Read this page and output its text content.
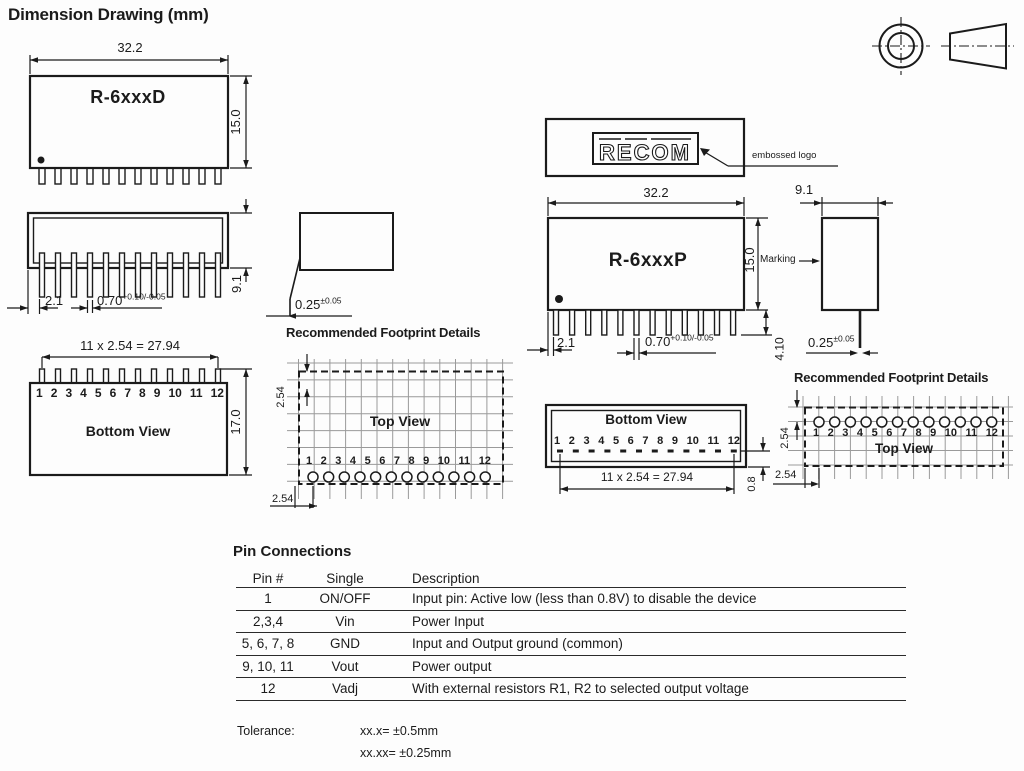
RECOM
Dimension Drawing (mm)
32.2
R-6xxxD
15.0
9.1
2.1	$0.70^{+0.10/-0.05}$
$0.25^{\pm 0.05}$
11 x 2.54 = 27.94
1 2 3 4 5 6 7 8 9 10 11 12
Bottom View	17.0
Recommended Footprint Details
2.54
Top View
1 2 3 4 5 6 7 8 9 10 11 12
2.54
embossed logo
32.2
R-6xxxP	15.0
2.1	$0.70^{+0.10/-0.05}$	4.10
9.1
Marking
$0.25^{\pm 0.05}$
Bottom View
1 2 3 4 5 6 7 8 9 10 11 12
11 x 2.54 = 27.94	0.8
Recommended Footprint Details
2.54 1 2 3 4 5 6 7 8 9 10 11 12
Top View
2.54
Pin Connections
Pin #	Single	Description
1	ON/OFF	Input pin: Active low (less than 0.8V) to disable the device
2,3,4	Vin	Power Input
5, 6, 7, 8	GND	Input and Output ground (common)
9, 10, 11	Vout	Power output
12	Vadj	With external resistors R1, R2 to selected output voltage
Tolerance:	xx.x= ±0.5mm
xx.xx= ±0.25mm
